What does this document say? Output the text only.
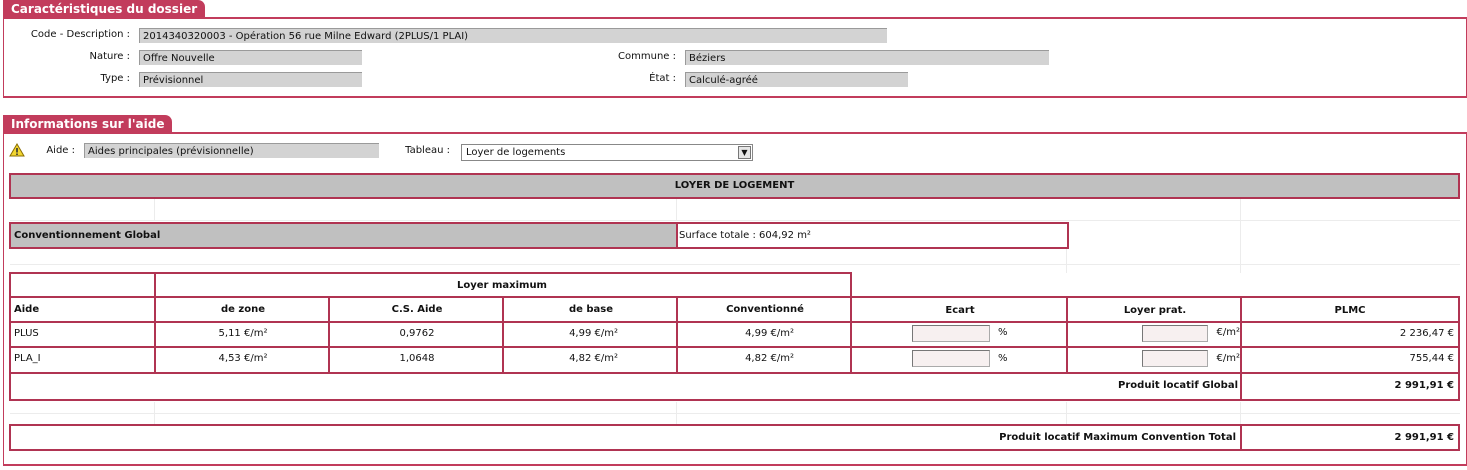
Caractéristiques du dossier
Code - Description :	2014340320003 - Opération 56 rue Milne Edward (2PLUS/1 PLAI)
Nature :	Offre Nouvelle
Type :	Prévisionnel
Commune :	Béziers
État :	Calculé-agréé
Informations sur l'aide
Aide :	Aides principales (prévisionnelle)	Tableau :	Loyer de logements	▼
LOYER DE LOGEMENT
Conventionnement Global	Surface totale : 604,92 m²
Loyer maximum
Aide	de zone	C.S. Aide	de base	Conventionné	Ecart	Loyer prat.	PLMC
PLUS	5,11 €/m²	0,9762	4,99 €/m²	4,99 €/m²	%	€/m²	2 236,47 €
PLA_I	4,53 €/m²	1,0648	4,82 €/m²	4,82 €/m²	%	€/m²	755,44 €
Produit locatif Global	2 991,91 €
Produit locatif Maximum Convention Total	2 991,91 €
